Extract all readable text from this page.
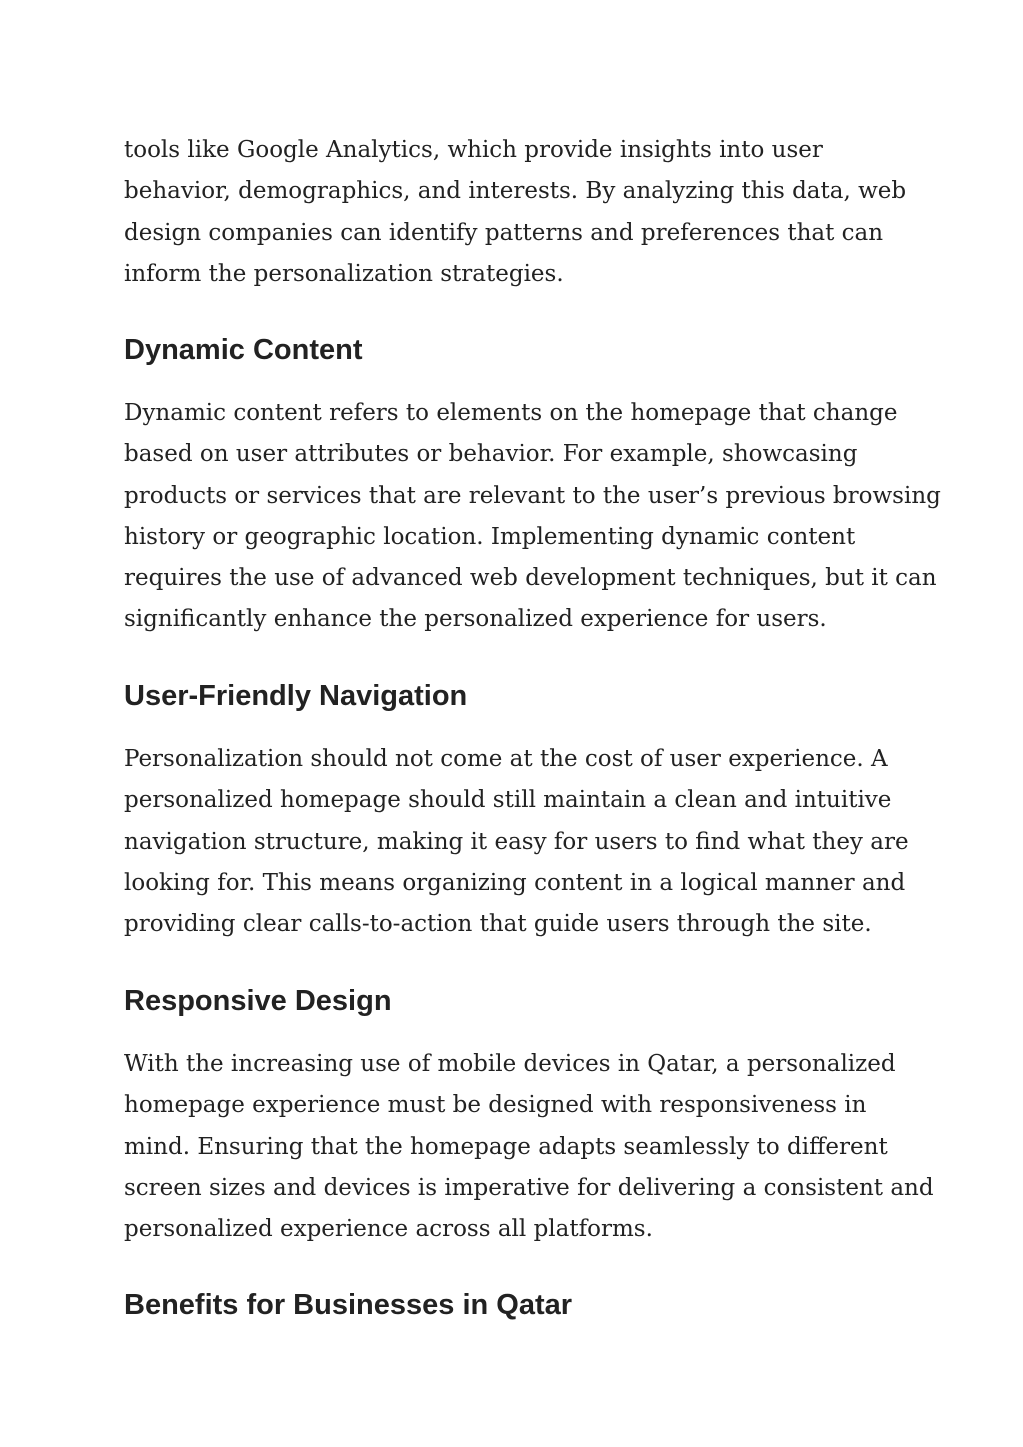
tools like Google Analytics, which provide insights into user
behavior, demographics, and interests. By analyzing this data, web
design companies can identify patterns and preferences that can
inform the personalization strategies.
Dynamic Content
Dynamic content refers to elements on the homepage that change
based on user attributes or behavior. For example, showcasing
products or services that are relevant to the user’s previous browsing
history or geographic location. Implementing dynamic content
requires the use of advanced web development techniques, but it can
significantly enhance the personalized experience for users.
User-Friendly Navigation
Personalization should not come at the cost of user experience. A
personalized homepage should still maintain a clean and intuitive
navigation structure, making it easy for users to find what they are
looking for. This means organizing content in a logical manner and
providing clear calls-to-action that guide users through the site.
Responsive Design
With the increasing use of mobile devices in Qatar, a personalized
homepage experience must be designed with responsiveness in
mind. Ensuring that the homepage adapts seamlessly to different
screen sizes and devices is imperative for delivering a consistent and
personalized experience across all platforms.
Benefits for Businesses in Qatar
